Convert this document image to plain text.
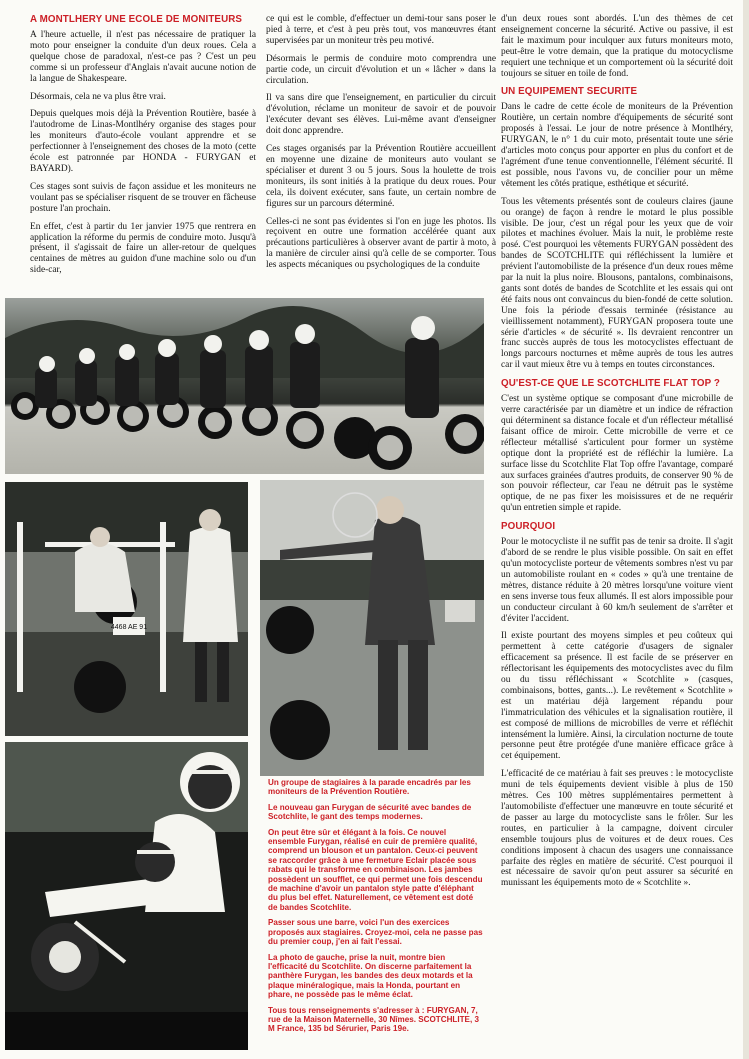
A MONTLHERY UNE ECOLE DE MONITEURS

A l'heure actuelle, il n'est pas nécessaire de pratiquer la moto pour enseigner la conduite d'un deux roues. Cela a quelque chose de paradoxal, n'est-ce pas ? C'est un peu comme si un professeur d'Anglais n'avait aucune notion de la langue de Shakespeare.

Désormais, cela ne va plus être vrai.

Depuis quelques mois déjà la Prévention Routière, basée à l'autodrome de Linas-Montlhéry organise des stages pour les moniteurs d'auto-école voulant apprendre et se perfectionner à l'enseignement des choses de la moto (cette école est patronnée par HONDA - FURYGAN et BAYARD).

Ces stages sont suivis de façon assidue et les moniteurs ne voulant pas se spécialiser risquent de se trouver en fâcheuse posture l'an prochain.

En effet, c'est à partir du 1er janvier 1975 que rentrera en application la réforme du permis de conduire moto. Jusqu'à présent, il s'agissait de faire un aller-retour de quelques centaines de mètres au guidon d'une machine solo ou d'un side-car,

ce qui est le comble, d'effectuer un demi-tour sans poser le pied à terre, et c'est à peu près tout, vos manœuvres étant supervisées par un moniteur très peu motivé.

Désormais le permis de conduire moto comprendra une partie code, un circuit d'évolution et un « lâcher » dans la circulation.

Il va sans dire que l'enseignement, en particulier du circuit d'évolution, réclame un moniteur de savoir et de pouvoir l'exécuter devant ses élèves. Lui-même avant d'enseigner doit donc apprendre.

Ces stages organisés par la Prévention Routière accueillent en moyenne une dizaine de moniteurs auto voulant se spécialiser et durent 3 ou 5 jours. Sous la houlette de trois moniteurs, ils sont initiés à la pratique du deux roues. Pour cela, ils doivent exécuter, sans faute, un certain nombre de figures sur un parcours déterminé.

Celles-ci ne sont pas évidentes si l'on en juge les photos. Ils reçoivent en outre une formation accélérée quant aux précautions particulières à observer avant de partir à moto, à la manière de circuler ainsi qu'à celle de se comporter. Tous les aspects mécaniques ou psychologiques de la conduite

d'un deux roues sont abordés. L'un des thèmes de cet enseignement concerne la sécurité. Active ou passive, il est fait le maximum pour inculquer aux futurs moniteurs moto, peut-être le votre demain, que la pratique du motocyclisme requiert une technique et un comportement où la sécurité doit toujours se situer en toile de fond.

UN EQUIPEMENT SECURITE

Dans le cadre de cette école de moniteurs de la Prévention Routière, un certain nombre d'équipements de sécurité sont proposés à l'essai. Le jour de notre présence à Montlhéry, FURYGAN, le n° 1 du cuir moto, présentait toute une série d'articles moto conçus pour apporter en plus du confort et de l'agrément d'une tenue conventionnelle, l'élément sécurité. Il est possible, nous l'avons vu, de concilier pour un même vêtement les côtés pratique, esthétique et sécurité.

Tous les vêtements présentés sont de couleurs claires (jaune ou orange) de façon à rendre le motard le plus possible visible. De jour, c'est un régal pour les yeux que de voir pilotes et machines évoluer. Mais la nuit, le problème reste posé. C'est pourquoi les vêtements FURYGAN possèdent des bandes de SCOTCHLITE qui réfléchissent la lumière et prévient l'automobiliste de la présence d'un deux roues même par la nuit la plus noire. Blousons, pantalons, combinaisons, gants sont dotés de bandes de Scotchlite et les essais qui ont été faits nous ont convaincus du bien-fondé de cette solution. Une fois la période d'essais terminée (résistance au vieillissement notamment), FURYGAN proposera toute une série d'articles « de sécurité ». Ils devraient rencontrer un franc succès auprès de tous les motocyclistes effectuant de longs parcours nocturnes et même auprès de tous les autres car il vaut mieux être vu à temps en toutes circonstances.

QU'EST-CE QUE LE SCOTCHLITE FLAT TOP ?

C'est un système optique se composant d'une microbille de verre caractérisée par un diamètre et un indice de réfraction qui déterminent sa distance focale et d'un réflecteur métallisé faisant office de miroir. Cette microbille de verre et ce réflecteur métallisé s'articulent pour former un système optique dont la propriété est de réfléchir la lumière. La surface lisse du Scotchlite Flat Top offre l'avantage, comparé aux surfaces grainées d'autres produits, de conserver 90 % de son pouvoir réflecteur, car l'eau ne détruit pas le système optique, de ne pas fixer les moisissures et de ne requérir qu'un entretien simple et rapide.

POURQUOI

Pour le motocycliste il ne suffit pas de tenir sa droite. Il s'agit d'abord de se rendre le plus visible possible. On sait en effet qu'un motocycliste porteur de vêtements sombres n'est vu par un automobiliste roulant en « codes » qu'à une trentaine de mètres, distance réduite à 20 mètres lorsqu'une voiture vient en sens inverse tous feux allumés. Il est alors impossible pour un conducteur circulant à 60 km/h seulement de s'arrêter et d'éviter l'accident.

Il existe pourtant des moyens simples et peu coûteux qui permettent à cette catégorie d'usagers de signaler efficacement sa présence. Il est facile de se préserver en réflectorisant les équipements des motocyclistes avec du film ou du tissu réfléchissant « Scotchlite » (casques, combinaisons, bottes, gants...). Le revêtement « Scotchlite » est un matériau déjà largement répandu pour l'immatriculation des véhicules et la signalisation routière, il est composé de millions de microbilles de verre et réfléchit intensément la lumière. Ainsi, la circulation nocturne de toute personne peut être protégée d'une manière efficace grâce à cet équipement.

L'efficacité de ce matériau à fait ses preuves : le motocycliste muni de tels équipements devient visible à plus de 150 mètres. Ces 100 mètres supplémentaires permettent à l'automobiliste d'effectuer une manœuvre en toute sécurité et de passer au large du motocycliste sans le frôler. Sur les routes, en particulier à la campagne, doivent circuler ensemble toujours plus de voitures et de deux roues. Ces conditions imposent à chacun des usagers une connaissance parfaite des règles en matière de sécurité. C'est pourquoi il est nécessaire de savoir qu'on peut assurer sa sécurité en munissant les équipements moto de « Scotchlite ».

4468 AE 91

Un groupe de stagiaires à la parade encadrés par les moniteurs de la Prévention Routière.

Le nouveau gan Furygan de sécurité avec bandes de Scotchlite, le gant des temps modernes.

On peut être sûr et élégant à la fois. Ce nouvel ensemble Furygan, réalisé en cuir de première qualité, comprend un blouson et un pantalon. Ceux-ci peuvent se raccorder grâce à une fermeture Eclair placée sous rabats qui le transforme en combinaison. Les jambes possèdent un soufflet, ce qui permet une fois descendu de machine d'avoir un pantalon style patte d'éléphant du plus bel effet. Naturellement, ce vêtement est doté de bandes Scotchlite.

Passer sous une barre, voici l'un des exercices proposés aux stagiaires. Croyez-moi, cela ne passe pas du premier coup, j'en ai fait l'essai.

La photo de gauche, prise la nuit, montre bien l'efficacité du Scotchlite. On discerne parfaitement la panthère Furygan, les bandes des deux motards et la plaque minéralogique, mais la Honda, pourtant en phare, ne possède pas le même éclat.

Tous tous renseignements s'adresser à : FURYGAN, 7, rue de la Maison Maternelle, 30 Nîmes. SCOTCHLITE, 3 M France, 135 bd Sérurier, Paris 19e.
